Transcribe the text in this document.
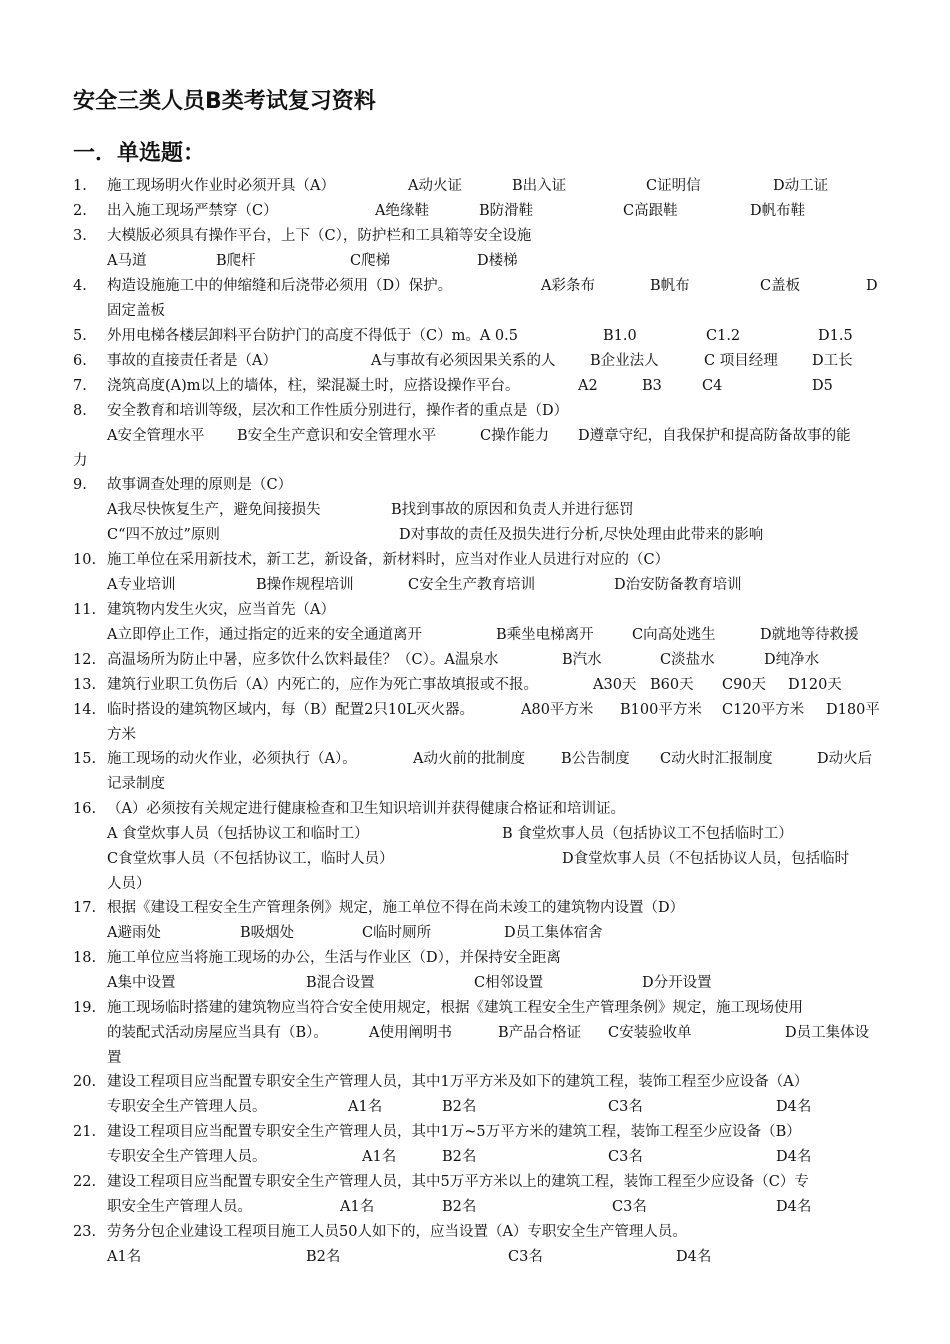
安全三类人员B类考试复习资料
一．单选题：
1.	施工现场明火作业时必须开具（A）	A动火证	B出入证	C证明信	D动工证
2.	出入施工现场严禁穿（C）	A绝缘鞋	B防滑鞋	C高跟鞋	D帆布鞋
3.	大模版必须具有操作平台，上下（C），防护栏和工具箱等安全设施
A马道	B爬杆	C爬梯	D楼梯
4.	构造设施施工中的伸缩缝和后浇带必须用（D）保护。	A彩条布	B帆布	C盖板	D
固定盖板
5.	外用电梯各楼层卸料平台防护门的高度不得低于（C）m。A 0.5	B1.0	C1.2	D1.5
6.	事故的直接责任者是（A）	A与事故有必须因果关系的人 B企业法人	C 项目经理 D工长
7.	浇筑高度(A)m以上的墙体，柱，梁混凝土时，应搭设操作平台。	A2	B3	C4	D5
8.	安全教育和培训等级，层次和工作性质分别进行，操作者的重点是（D）
A安全管理水平 B安全生产意识和安全管理水平	C操作能力 D遵章守纪，自我保护和提高防备故事的能
力
9.	故事调查处理的原则是（C）
A我尽快恢复生产，避免间接损失	B找到事故的原因和负责人并进行惩罚
C“四不放过”原则	D对事故的责任及损失进行分析,尽快处理由此带来的影响
10. 施工单位在采用新技术，新工艺，新设备，新材料时，应当对作业人员进行对应的（C）
A专业培训	B操作规程培训	C安全生产教育培训	D治安防备教育培训
11. 建筑物内发生火灾，应当首先（A）
A立即停止工作，通过指定的近来的安全通道离开	B乘坐电梯离开	C向高处逃生	D就地等待救援
12. 高温场所为防止中暑，应多饮什么饮料最佳？（C）。A温泉水	B汽水	C淡盐水	D纯净水
13. 建筑行业职工负伤后（A）内死亡的，应作为死亡事故填报或不报。	A30天 B60天 C90天 D120天
14. 临时搭设的建筑物区域内，每（B）配置2只10L灭火器。	A80平方米 B100平方米 C120平方米 D180平
方米
15. 施工现场的动火作业，必须执行（A）。	A动火前的批制度 B公告制度 C动火时汇报制度	D动火后
记录制度
16. （A）必须按有关规定进行健康检查和卫生知识培训并获得健康合格证和培训证。
A 食堂炊事人员（包括协议工和临时工）	B 食堂炊事人员（包括协议工不包括临时工）
C食堂炊事人员（不包括协议工，临时人员）	D食堂炊事人员（不包括协议人员，包括临时
人员）
17. 根据《建设工程安全生产管理条例》规定，施工单位不得在尚未竣工的建筑物内设置（D）
A避雨处	B吸烟处	C临时厕所	D员工集体宿舍
18. 施工单位应当将施工现场的办公，生活与作业区（D），并保持安全距离
A集中设置	B混合设置	C相邻设置	D分开设置
19. 施工现场临时搭建的建筑物应当符合安全使用规定，根据《建筑工程安全生产管理条例》规定，施工现场使用
的装配式活动房屋应当具有（B）。	A使用阐明书	B产品合格证 C安装验收单	D员工集体设
置
20. 建设工程项目应当配置专职安全生产管理人员，其中1万平方米及如下的建筑工程，装饰工程至少应设备（A）
专职安全生产管理人员。	A1名	B2名	C3名	D4名
21. 建设工程项目应当配置专职安全生产管理人员，其中1万~5万平方米的建筑工程，装饰工程至少应设备（B）
专职安全生产管理人员。	A1名	B2名	C3名	D4名
22. 建设工程项目应当配置专职安全生产管理人员，其中5万平方米以上的建筑工程，装饰工程至少应设备（C）专
职安全生产管理人员。	A1名	B2名	C3名	D4名
23. 劳务分包企业建设工程项目施工人员50人如下的，应当设置（A）专职安全生产管理人员。
A1名	B2名	C3名	D4名
